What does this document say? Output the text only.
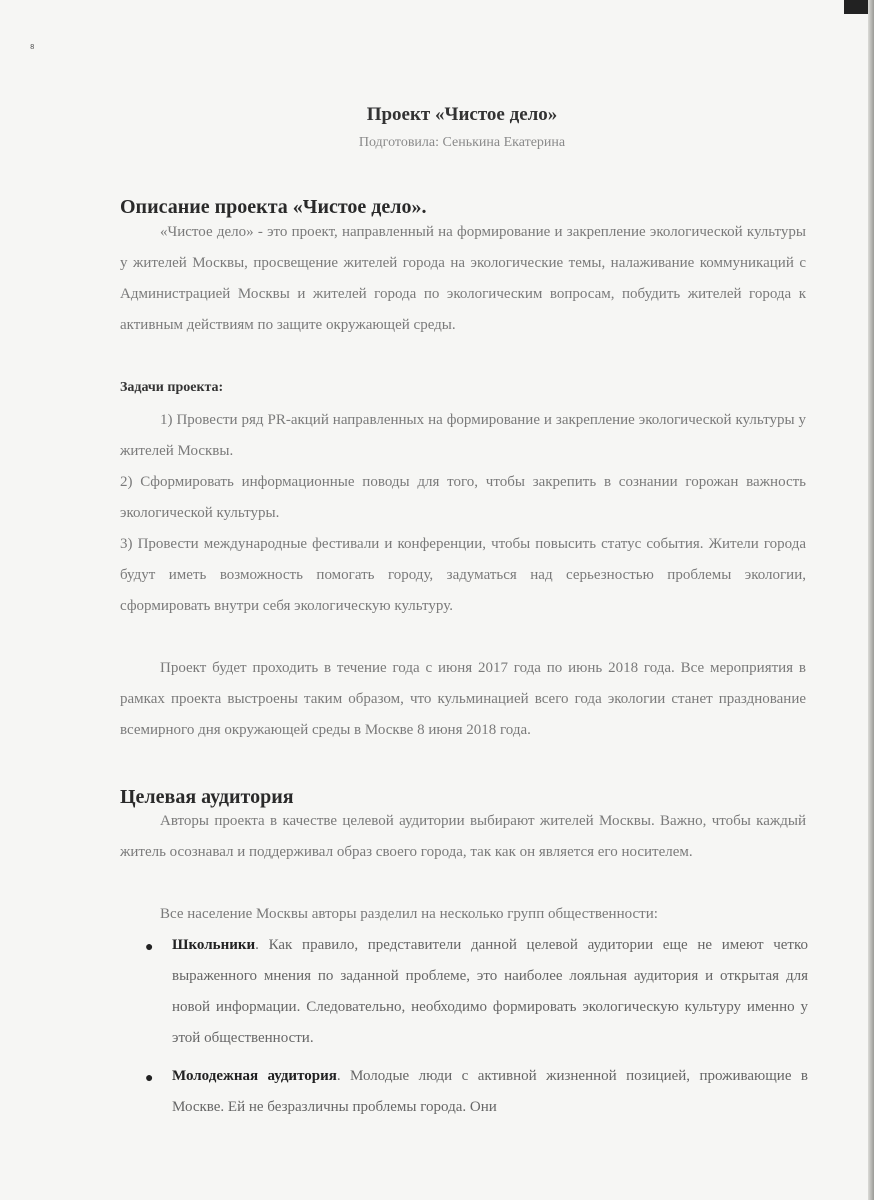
8
Проект «Чистое дело»
Подготовила: Сенькина Екатерина
Описание проекта «Чистое дело».
«Чистое дело» - это проект, направленный на формирование и закрепление экологической культуры у жителей Москвы, просвещение жителей города на экологические темы, налаживание коммуникаций с Администрацией Москвы и жителей города по экологическим вопросам, побудить жителей города к активным действиям по защите окружающей среды.
Задачи проекта:
1) Провести ряд PR-акций направленных на формирование и закрепление экологической культуры у жителей Москвы.
2) Сформировать информационные поводы для того, чтобы закрепить в сознании горожан важность экологической культуры.
3) Провести международные фестивали и конференции, чтобы повысить статус события. Жители города будут иметь возможность помогать городу, задуматься над серьезностью проблемы экологии, сформировать внутри себя экологическую культуру.
Проект будет проходить в течение года с июня 2017 года по июнь 2018 года. Все мероприятия в рамках проекта выстроены таким образом, что кульминацией всего года экологии станет празднование всемирного дня окружающей среды в Москве 8 июня 2018 года.
Целевая аудитория
Авторы проекта в качестве целевой аудитории выбирают жителей Москвы. Важно, чтобы каждый житель осознавал и поддерживал образ своего города, так как он является его носителем.
Все население Москвы авторы разделил на несколько групп общественности:
● Школьники. Как правило, представители данной целевой аудитории еще не имеют четко выраженного мнения по заданной проблеме, это наиболее лояльная аудитория и открытая для новой информации. Следовательно, необходимо формировать экологическую культуру именно у этой общественности.
● Молодежная аудитория. Молодые люди с активной жизненной позицией, проживающие в Москве. Ей не безразличны проблемы города. Они
